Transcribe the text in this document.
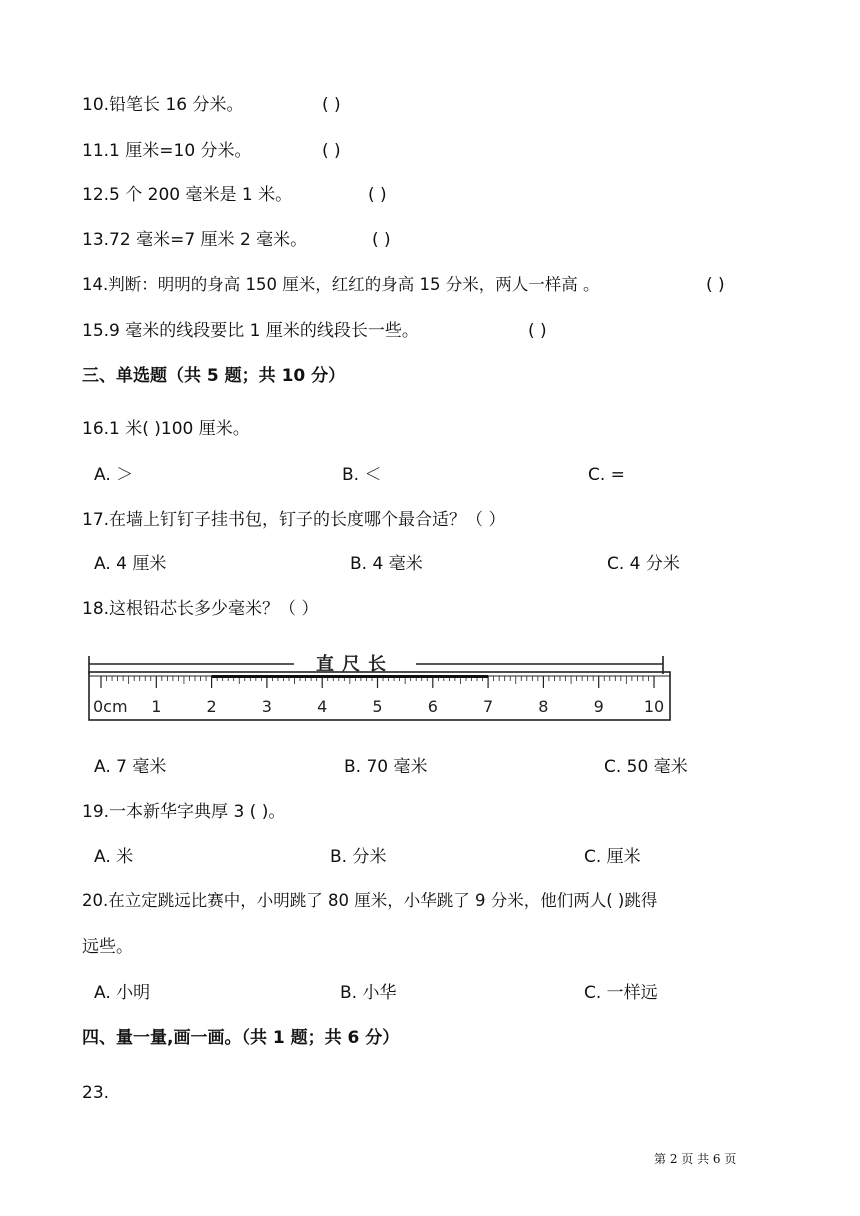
10.铅笔长 16 分米。	( )
11.1 厘米=10 分米。	( )
12.5 个 200 毫米是 1 米。	( )
13.72 毫米=7 厘米 2 毫米。	( )
14.判断：明明的身高 150 厘米，红红的身高 15 分米，两人一样高 。	( )
15.9 毫米的线段要比 1 厘米的线段长一些。	( )
三、单选题（共 5 题；共 10 分）
16.1 米( )100 厘米。
A. ＞	B. ＜	C. =
17.在墙上钉钉子挂书包，钉子的长度哪个最合适？（ ）
A. 4 厘米	B. 4 毫米	C. 4 分米
18.这根铅芯长多少毫米？（ ）
直尺长
0cm 1	2	3	4	5	6	7	8	9	10
A. 7 毫米	B. 70 毫米	C. 50 毫米
19.一本新华字典厚 3 ( )。
A. 米	B. 分米	C. 厘米
20.在立定跳远比赛中，小明跳了 80 厘米，小华跳了 9 分米，他们两人( )跳得
远些。
A. 小明	B. 小华	C. 一样远
四、量一量,画一画。（共 1 题；共 6 分）
23.
第 2 页 共 6 页
